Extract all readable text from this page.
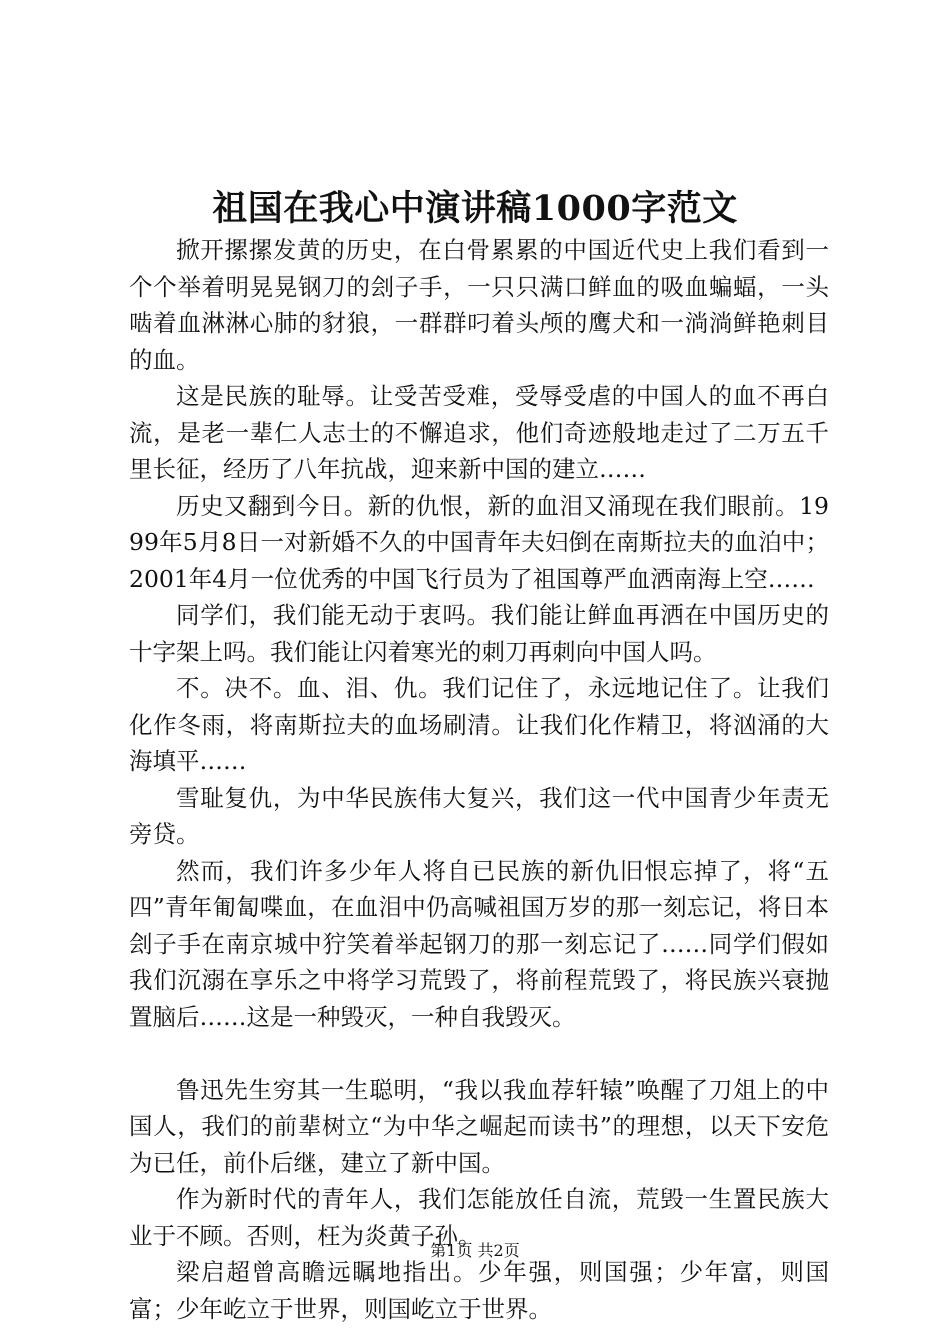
祖国在我心中演讲稿1000字范文

掀开摞摞发黄的历史，在白骨累累的中国近代史上我们看到一个个举着明晃晃钢刀的刽子手，一只只满口鲜血的吸血蝙蝠，一头啮着血淋淋心肺的豺狼，一群群叼着头颅的鹰犬和一淌淌鲜艳刺目的血。

这是民族的耻辱。让受苦受难，受辱受虐的中国人的血不再白流，是老一辈仁人志士的不懈追求，他们奇迹般地走过了二万五千里长征，经历了八年抗战，迎来新中国的建立……

历史又翻到今日。新的仇恨，新的血泪又涌现在我们眼前。1999年5月8日一对新婚不久的中国青年夫妇倒在南斯拉夫的血泊中；2001年4月一位优秀的中国飞行员为了祖国尊严血洒南海上空……

同学们，我们能无动于衷吗。我们能让鲜血再洒在中国历史的十字架上吗。我们能让闪着寒光的刺刀再刺向中国人吗。

不。决不。血、泪、仇。我们记住了，永远地记住了。让我们化作冬雨，将南斯拉夫的血场刷清。让我们化作精卫，将汹涌的大海填平……

雪耻复仇，为中华民族伟大复兴，我们这一代中国青少年责无旁贷。

然而，我们许多少年人将自已民族的新仇旧恨忘掉了，将“五四”青年匍匐喋血，在血泪中仍高喊祖国万岁的那一刻忘记，将日本刽子手在南京城中狞笑着举起钢刀的那一刻忘记了……同学们假如我们沉溺在享乐之中将学习荒毁了，将前程荒毁了，将民族兴衰抛置脑后……这是一种毁灭，一种自我毁灭。

鲁迅先生穷其一生聪明，“我以我血荐轩辕”唤醒了刀俎上的中国人，我们的前辈树立“为中华之崛起而读书”的理想，以天下安危为已任，前仆后继，建立了新中国。

作为新时代的青年人，我们怎能放任自流，荒毁一生置民族大业于不顾。否则，枉为炎黄子孙。

梁启超曾高瞻远瞩地指出。少年强，则国强；少年富，则国富；少年屹立于世界，则国屹立于世界。

第1页 共2页
